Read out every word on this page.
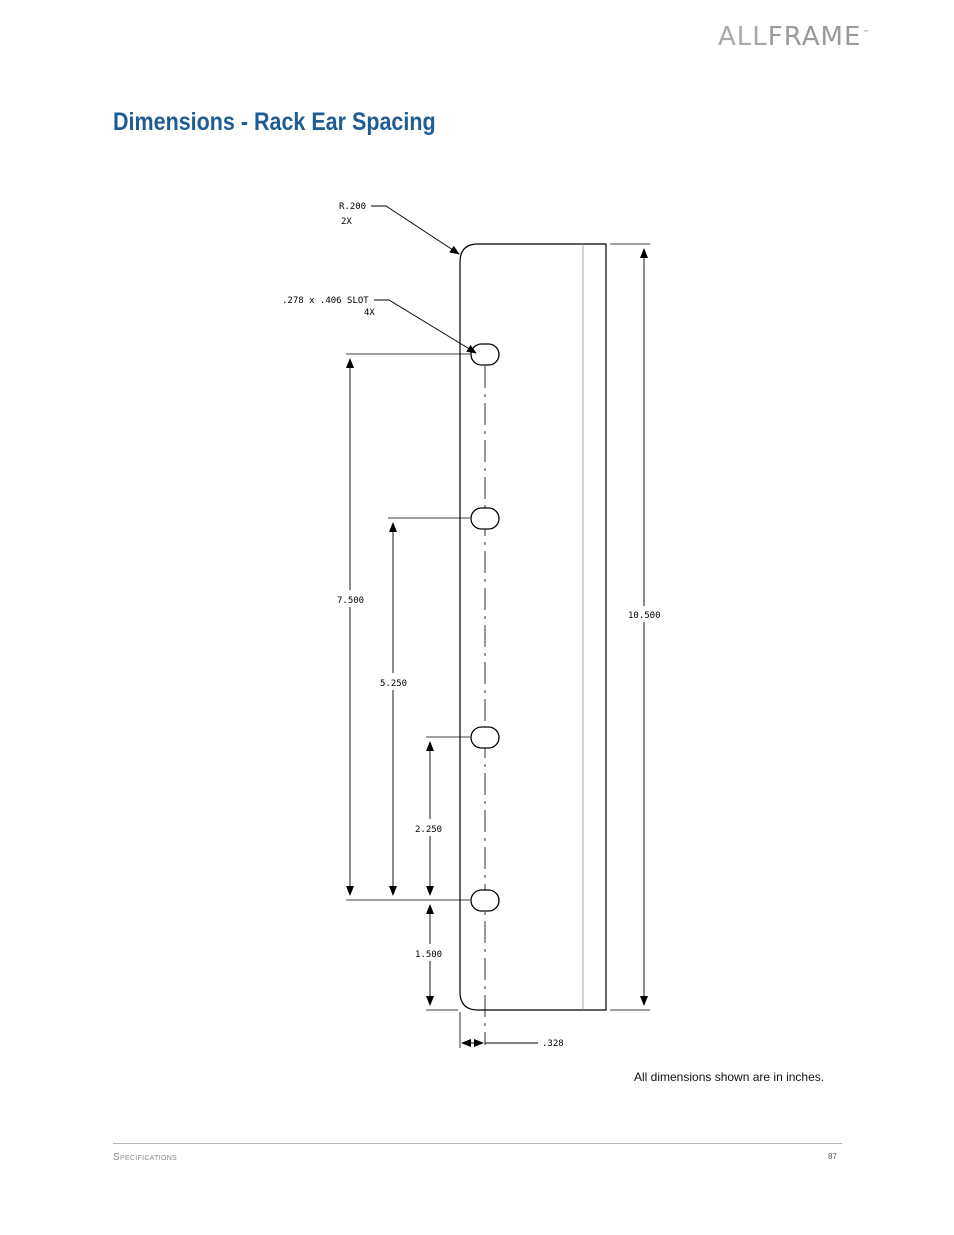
ALLFRAME™
Dimensions - Rack Ear Spacing
R.200
2X
.278 x .406 SLOT
4X
10.500
7.500
5.250
2.250
1.500
.328
All dimensions shown are in inches.
Specifications	87
